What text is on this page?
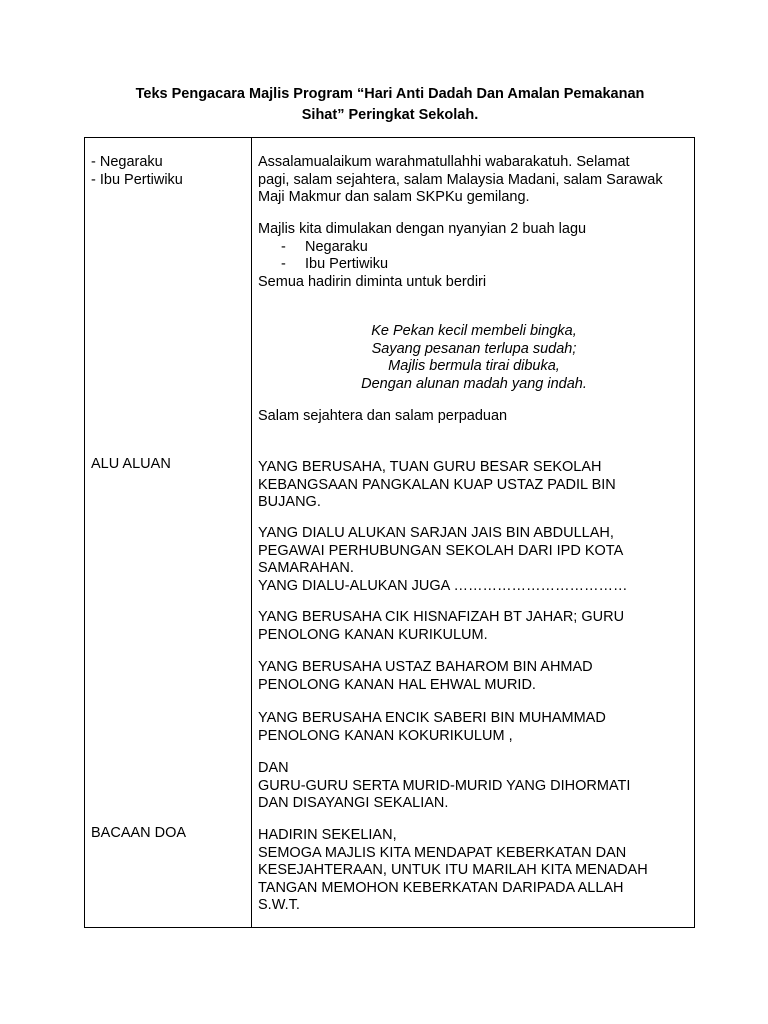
Teks Pengacara Majlis Program “Hari Anti Dadah Dan Amalan Pemakanan
Sihat” Peringkat Sekolah.
- Negaraku
- Ibu Pertiwiku
ALU ALUAN
BACAAN DOA
Assalamualaikum warahmatullahhi wabarakatuh. Selamat
pagi, salam sejahtera, salam Malaysia Madani, salam Sarawak
Maji Makmur dan salam SKPKu gemilang.
Majlis kita dimulakan dengan nyanyian 2 buah lagu
- Negaraku
- Ibu Pertiwiku
Semua hadirin diminta untuk berdiri
Ke Pekan kecil membeli bingka,
Sayang pesanan terlupa sudah;
Majlis bermula tirai dibuka,
Dengan alunan madah yang indah.
Salam sejahtera dan salam perpaduan
YANG BERUSAHA, TUAN GURU BESAR SEKOLAH
KEBANGSAAN PANGKALAN KUAP USTAZ PADIL BIN
BUJANG.
YANG DIALU ALUKAN SARJAN JAIS BIN ABDULLAH,
PEGAWAI PERHUBUNGAN SEKOLAH DARI IPD KOTA
SAMARAHAN.
YANG DIALU-ALUKAN JUGA ………………………………
YANG BERUSAHA CIK HISNAFIZAH BT JAHAR; GURU
PENOLONG KANAN KURIKULUM.
YANG BERUSAHA USTAZ BAHAROM BIN AHMAD
PENOLONG KANAN HAL EHWAL MURID.
YANG BERUSAHA ENCIK SABERI BIN MUHAMMAD
PENOLONG KANAN KOKURIKULUM ,
DAN
GURU-GURU SERTA MURID-MURID YANG DIHORMATI
DAN DISAYANGI SEKALIAN.
HADIRIN SEKELIAN,
SEMOGA MAJLIS KITA MENDAPAT KEBERKATAN DAN
KESEJAHTERAAN, UNTUK ITU MARILAH KITA MENADAH
TANGAN MEMOHON KEBERKATAN DARIPADA ALLAH
S.W.T.
